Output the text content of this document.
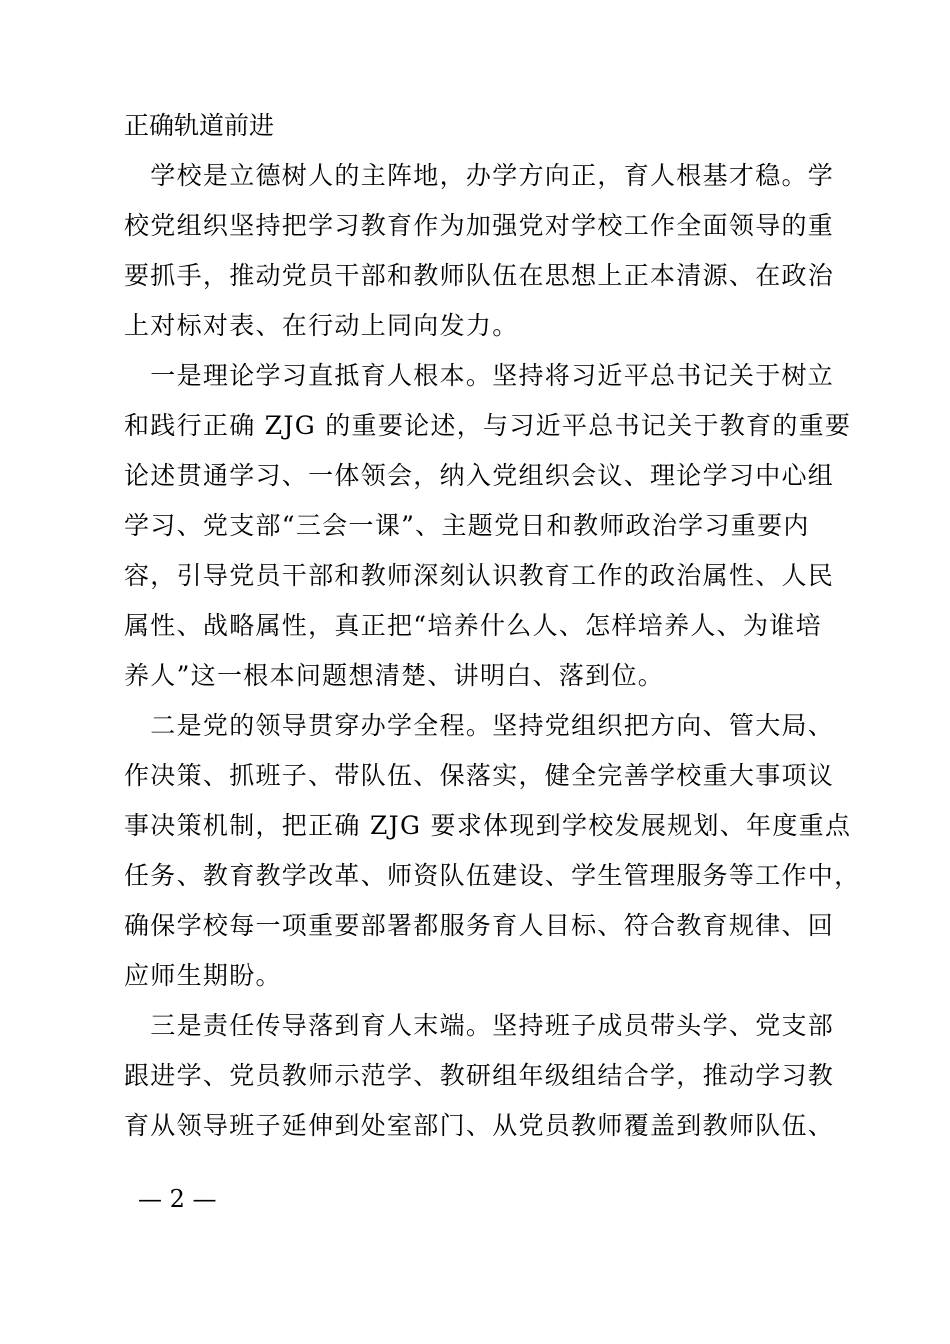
正确轨道前进
　学校是立德树人的主阵地，办学方向正，育人根基才稳。学
校党组织坚持把学习教育作为加强党对学校工作全面领导的重
要抓手，推动党员干部和教师队伍在思想上正本清源、在政治
上对标对表、在行动上同向发力。
　一是理论学习直抵育人根本。坚持将习近平总书记关于树立
和践行正确 ZJG 的重要论述，与习近平总书记关于教育的重要
论述贯通学习、一体领会，纳入党组织会议、理论学习中心组
学习、党支部“三会一课”、主题党日和教师政治学习重要内
容，引导党员干部和教师深刻认识教育工作的政治属性、人民
属性、战略属性，真正把“培养什么人、怎样培养人、为谁培
养人”这一根本问题想清楚、讲明白、落到位。
　二是党的领导贯穿办学全程。坚持党组织把方向、管大局、
作决策、抓班子、带队伍、保落实，健全完善学校重大事项议
事决策机制，把正确 ZJG 要求体现到学校发展规划、年度重点
任务、教育教学改革、师资队伍建设、学生管理服务等工作中，
确保学校每一项重要部署都服务育人目标、符合教育规律、回
应师生期盼。
　三是责任传导落到育人末端。坚持班子成员带头学、党支部
跟进学、党员教师示范学、教研组年级组结合学，推动学习教
育从领导班子延伸到处室部门、从党员教师覆盖到教师队伍、
— 2 —
